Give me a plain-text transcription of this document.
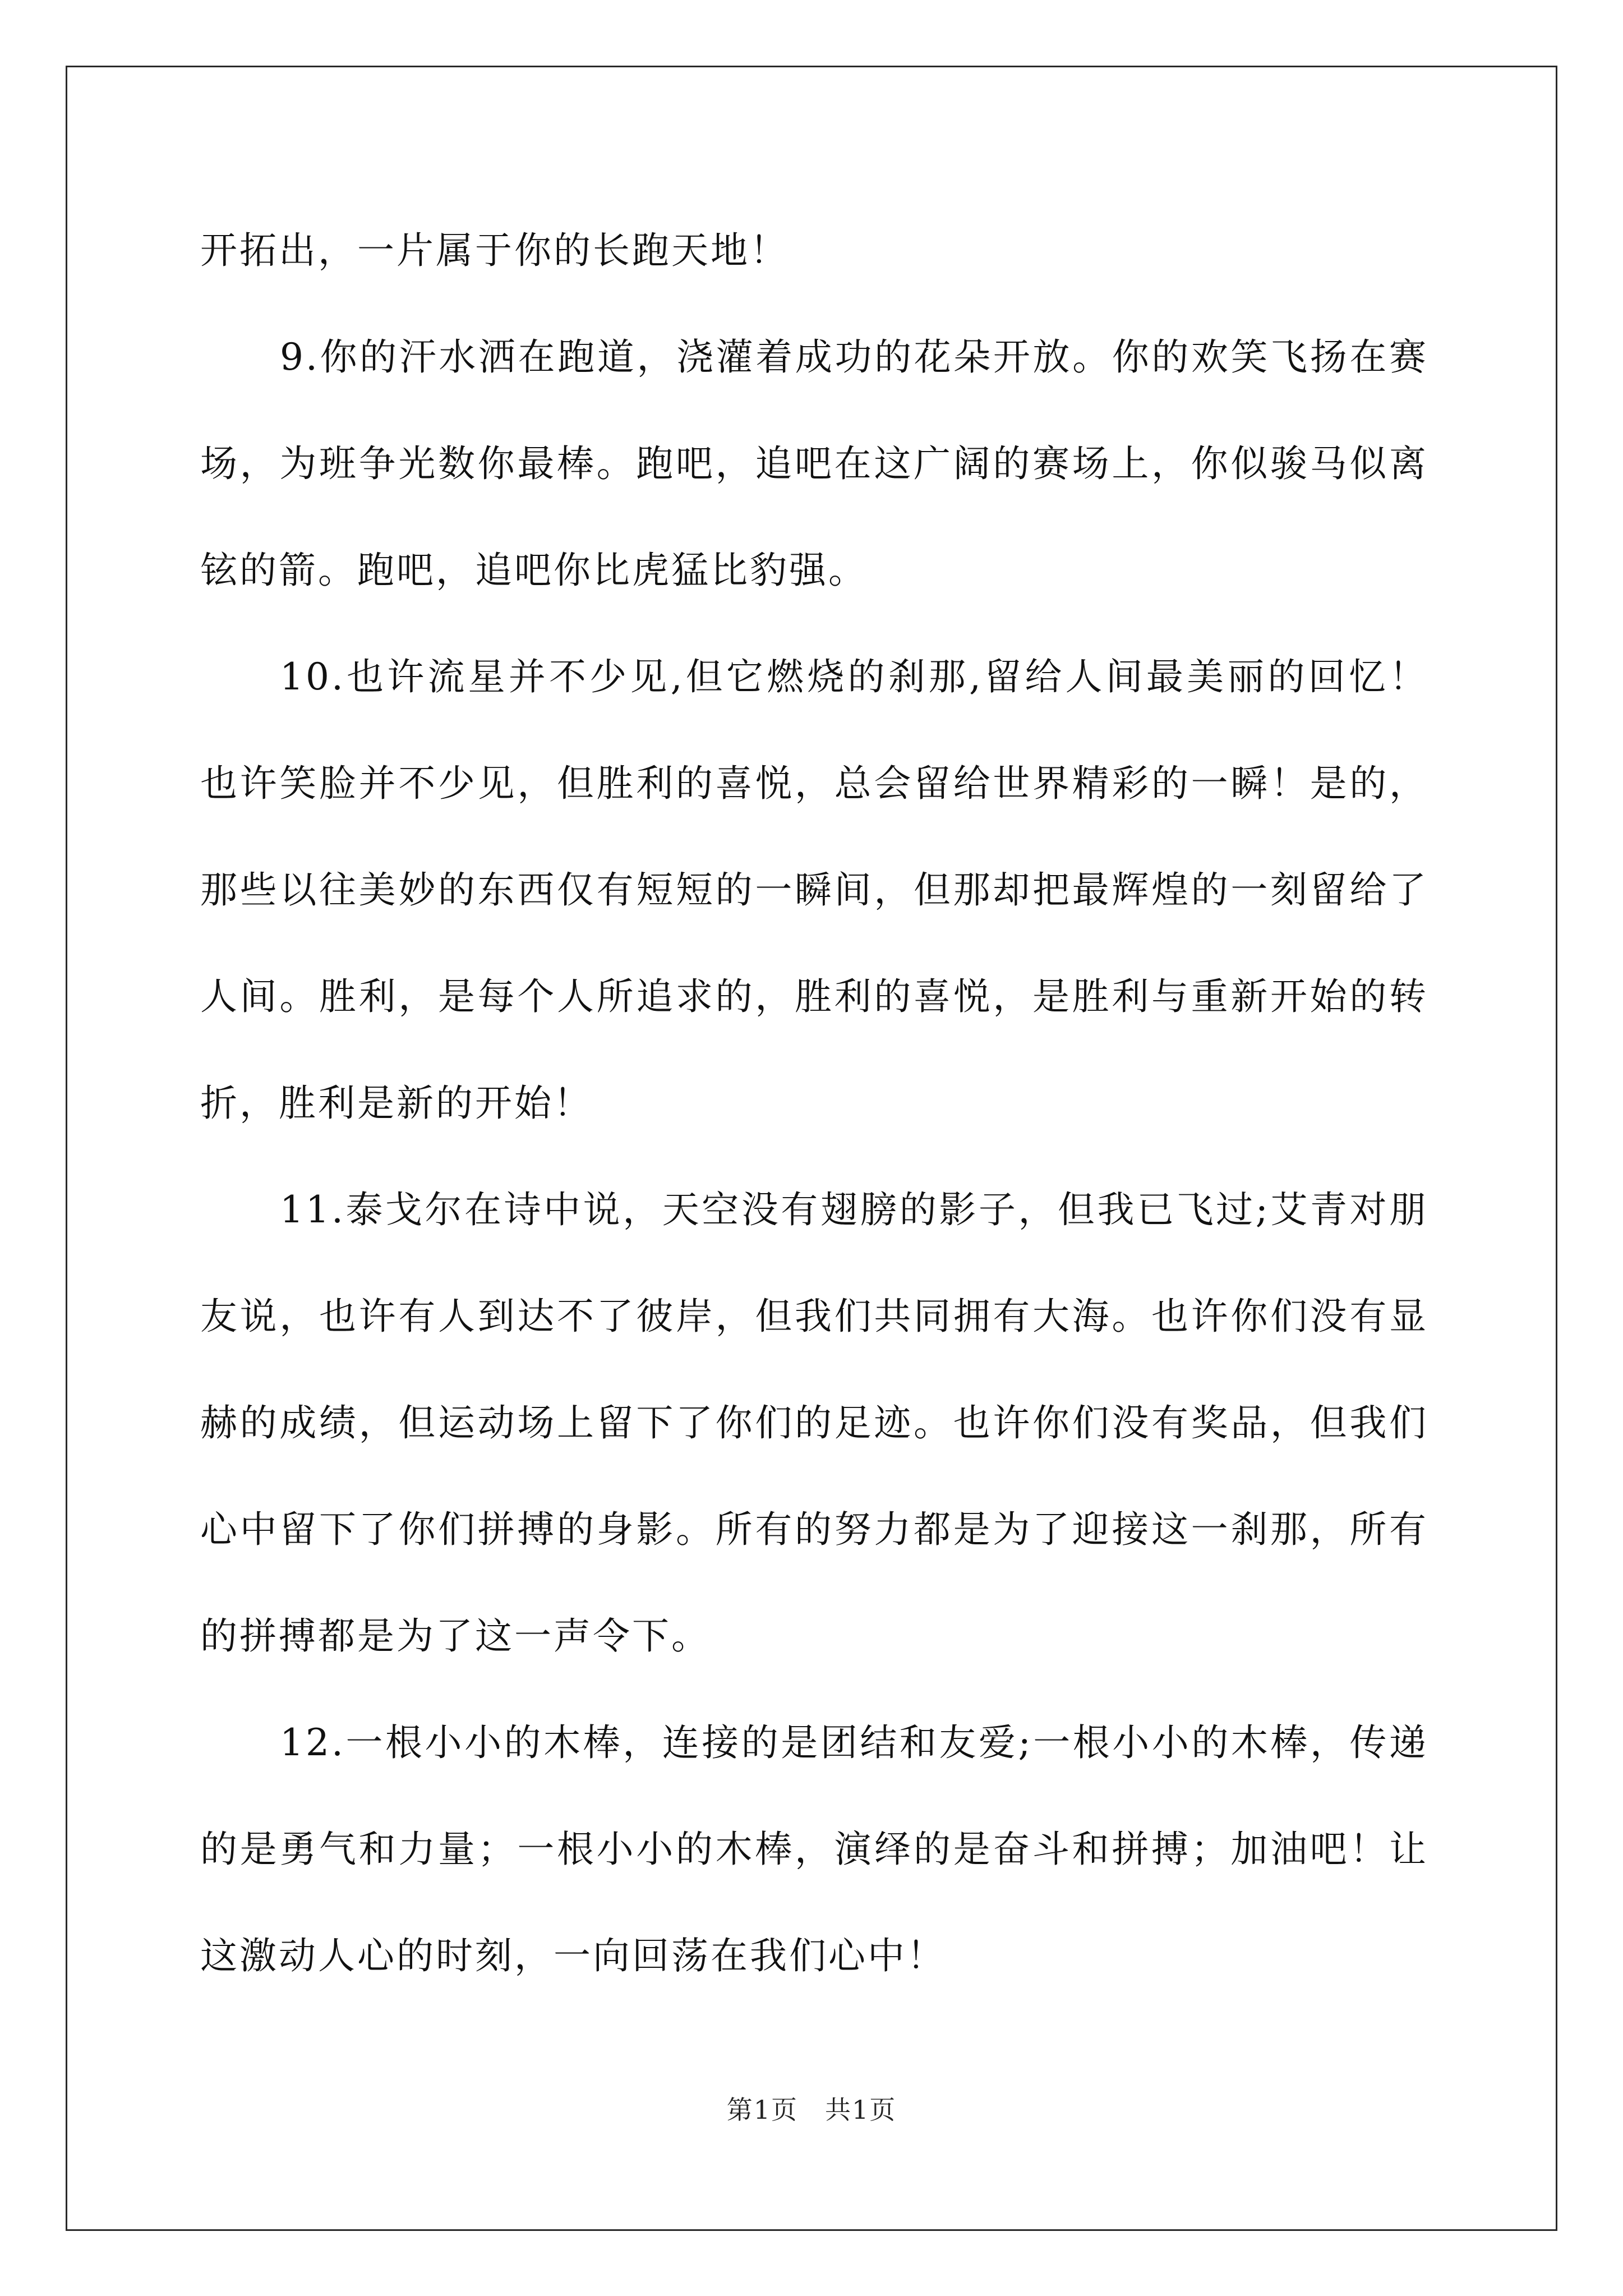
开拓出，一片属于你的长跑天地！

9.你的汗水洒在跑道，浇灌着成功的花朵开放。你的欢笑飞扬在赛场，为班争光数你最棒。跑吧，追吧在这广阔的赛场上，你似骏马似离铉的箭。跑吧，追吧你比虎猛比豹强。

10.也许流星并不少见,但它燃烧的刹那,留给人间最美丽的回忆！也许笑脸并不少见，但胜利的喜悦，总会留给世界精彩的一瞬！是的，那些以往美妙的东西仅有短短的一瞬间，但那却把最辉煌的一刻留给了人间。胜利，是每个人所追求的，胜利的喜悦，是胜利与重新开始的转折，胜利是新的开始！

11.泰戈尔在诗中说，天空没有翅膀的影子，但我已飞过;艾青对朋友说，也许有人到达不了彼岸，但我们共同拥有大海。也许你们没有显赫的成绩，但运动场上留下了你们的足迹。也许你们没有奖品，但我们心中留下了你们拼搏的身影。所有的努力都是为了迎接这一刹那，所有的拼搏都是为了这一声令下。

12.一根小小的木棒，连接的是团结和友爱;一根小小的木棒，传递的是勇气和力量；一根小小的木棒，演绎的是奋斗和拼搏；加油吧！让这激动人心的时刻，一向回荡在我们心中！

第1页　共1页
